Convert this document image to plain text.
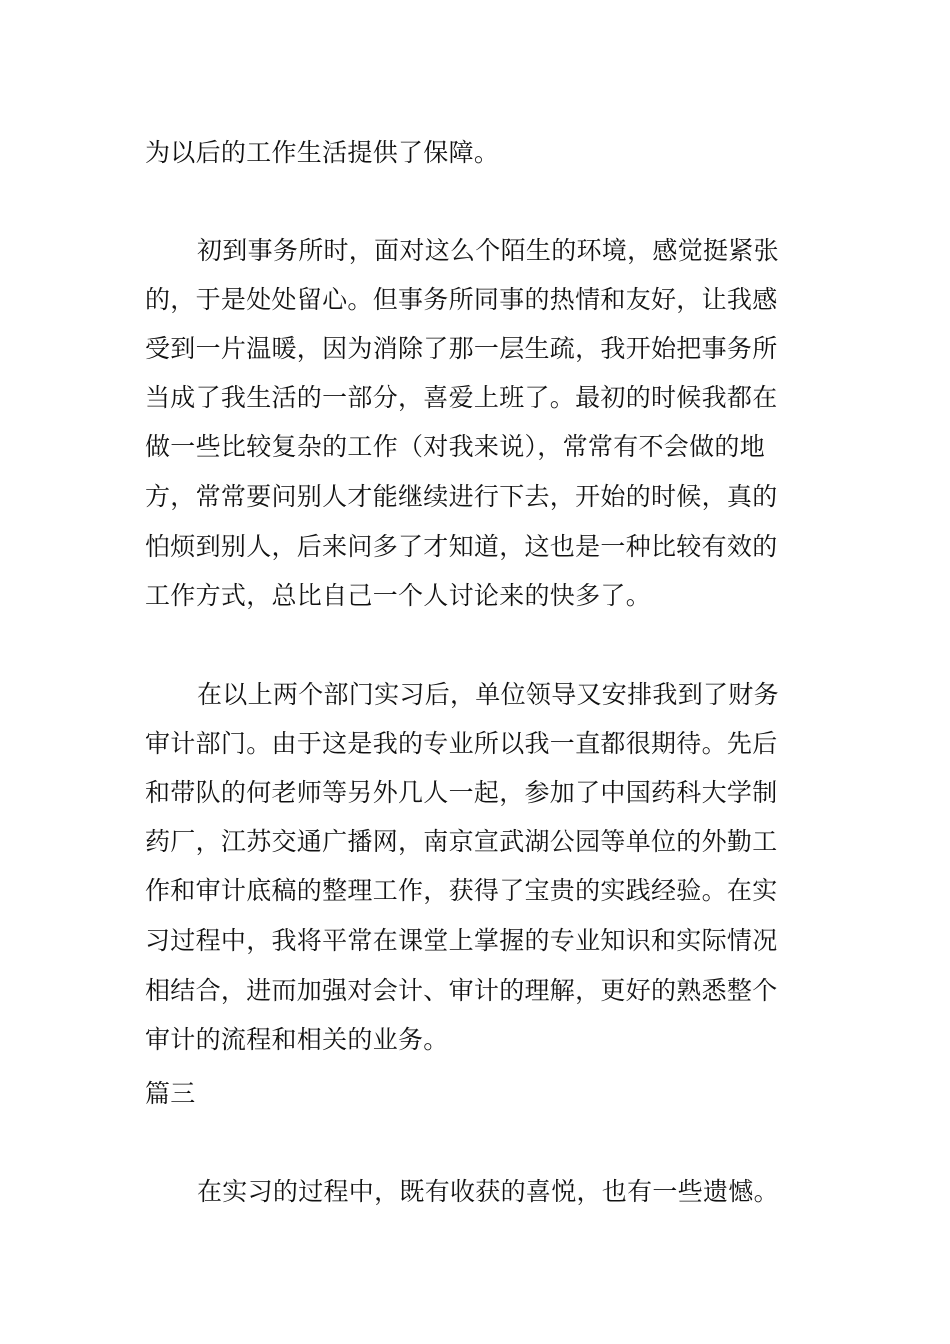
为以后的工作生活提供了保障。
初到事务所时，面对这么个陌生的环境，感觉挺紧张
的，于是处处留心。但事务所同事的热情和友好，让我感
受到一片温暖，因为消除了那一层生疏，我开始把事务所
当成了我生活的一部分，喜爱上班了。最初的时候我都在
做一些比较复杂的工作（对我来说），常常有不会做的地
方，常常要问别人才能继续进行下去，开始的时候，真的
怕烦到别人，后来问多了才知道，这也是一种比较有效的
工作方式，总比自己一个人讨论来的快多了。
在以上两个部门实习后，单位领导又安排我到了财务
审计部门。由于这是我的专业所以我一直都很期待。先后
和带队的何老师等另外几人一起，参加了中国药科大学制
药厂，江苏交通广播网，南京宣武湖公园等单位的外勤工
作和审计底稿的整理工作，获得了宝贵的实践经验。在实
习过程中，我将平常在课堂上掌握的专业知识和实际情况
相结合，进而加强对会计、审计的理解，更好的熟悉整个
审计的流程和相关的业务。
篇三
在实习的过程中，既有收获的喜悦，也有一些遗憾。
